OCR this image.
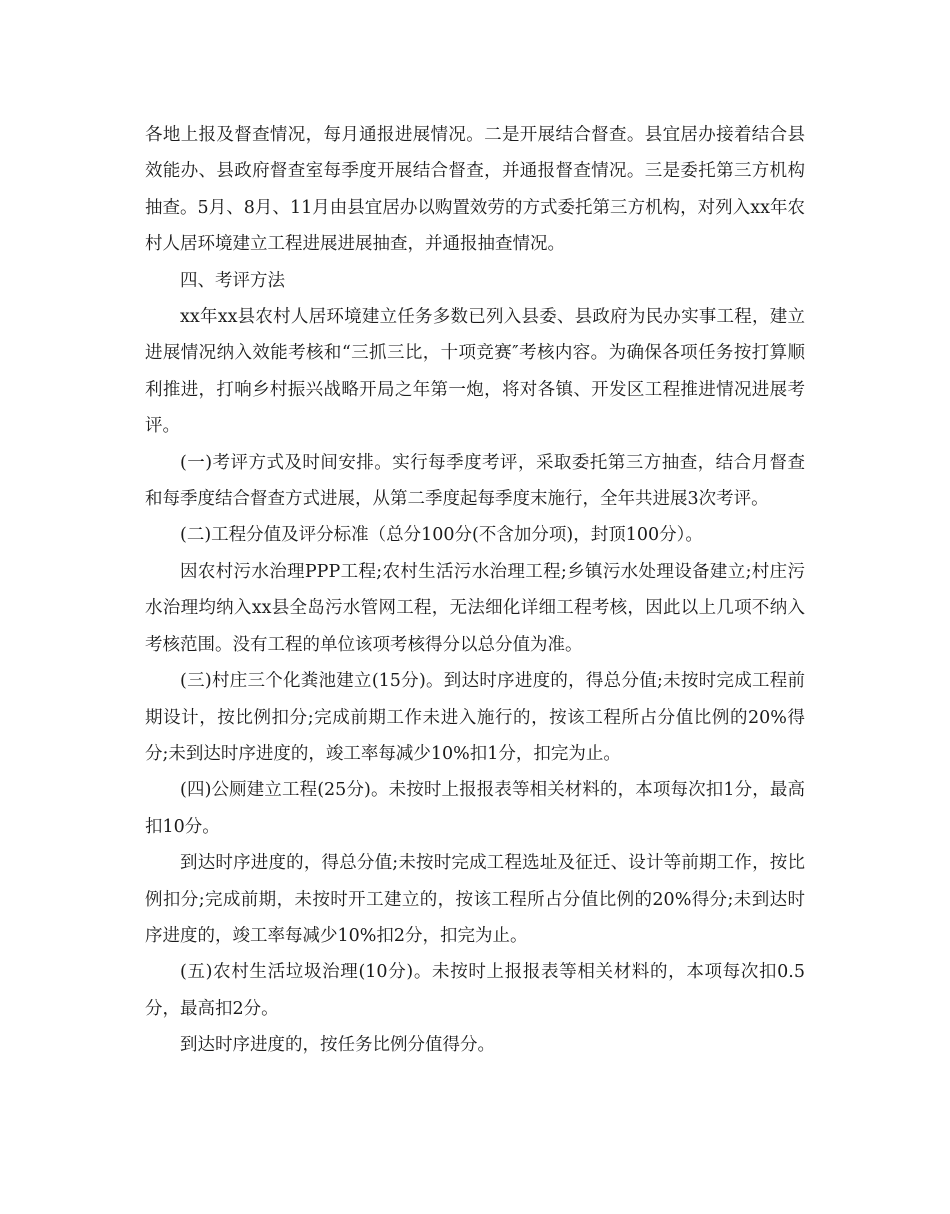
各地上报及督查情况，每月通报进展情况。二是开展结合督查。县宜居办接着结合县效能办、县政府督查室每季度开展结合督查，并通报督查情况。三是委托第三方机构抽查。5月、8月、11月由县宜居办以购置效劳的方式委托第三方机构，对列入xx年农村人居环境建立工程进展进展抽查，并通报抽查情况。

四、考评方法

xx年xx县农村人居环境建立任务多数已列入县委、县政府为民办实事工程，建立进展情况纳入效能考核和“三抓三比，十项竞赛″考核内容。为确保各项任务按打算顺利推进，打响乡村振兴战略开局之年第一炮，将对各镇、开发区工程推进情况进展考评。

(一)考评方式及时间安排。实行每季度考评，采取委托第三方抽查，结合月督查和每季度结合督查方式进展，从第二季度起每季度末施行，全年共进展3次考评。

(二)工程分值及评分标准（总分100分(不含加分项)，封顶100分）。

因农村污水治理PPP工程;农村生活污水治理工程;乡镇污水处理设备建立;村庄污水治理均纳入xx县全岛污水管网工程，无法细化详细工程考核，因此以上几项不纳入考核范围。没有工程的单位该项考核得分以总分值为准。

(三)村庄三个化粪池建立(15分)。到达时序进度的，得总分值;未按时完成工程前期设计，按比例扣分;完成前期工作未进入施行的，按该工程所占分值比例的20%得分;未到达时序进度的，竣工率每减少10%扣1分，扣完为止。

(四)公厕建立工程(25分)。未按时上报报表等相关材料的，本项每次扣1分，最高扣10分。

到达时序进度的，得总分值;未按时完成工程选址及征迁、设计等前期工作，按比例扣分;完成前期，未按时开工建立的，按该工程所占分值比例的20%得分;未到达时序进度的，竣工率每减少10%扣2分，扣完为止。

(五)农村生活垃圾治理(10分)。未按时上报报表等相关材料的，本项每次扣0.5分，最高扣2分。

到达时序进度的，按任务比例分值得分。
